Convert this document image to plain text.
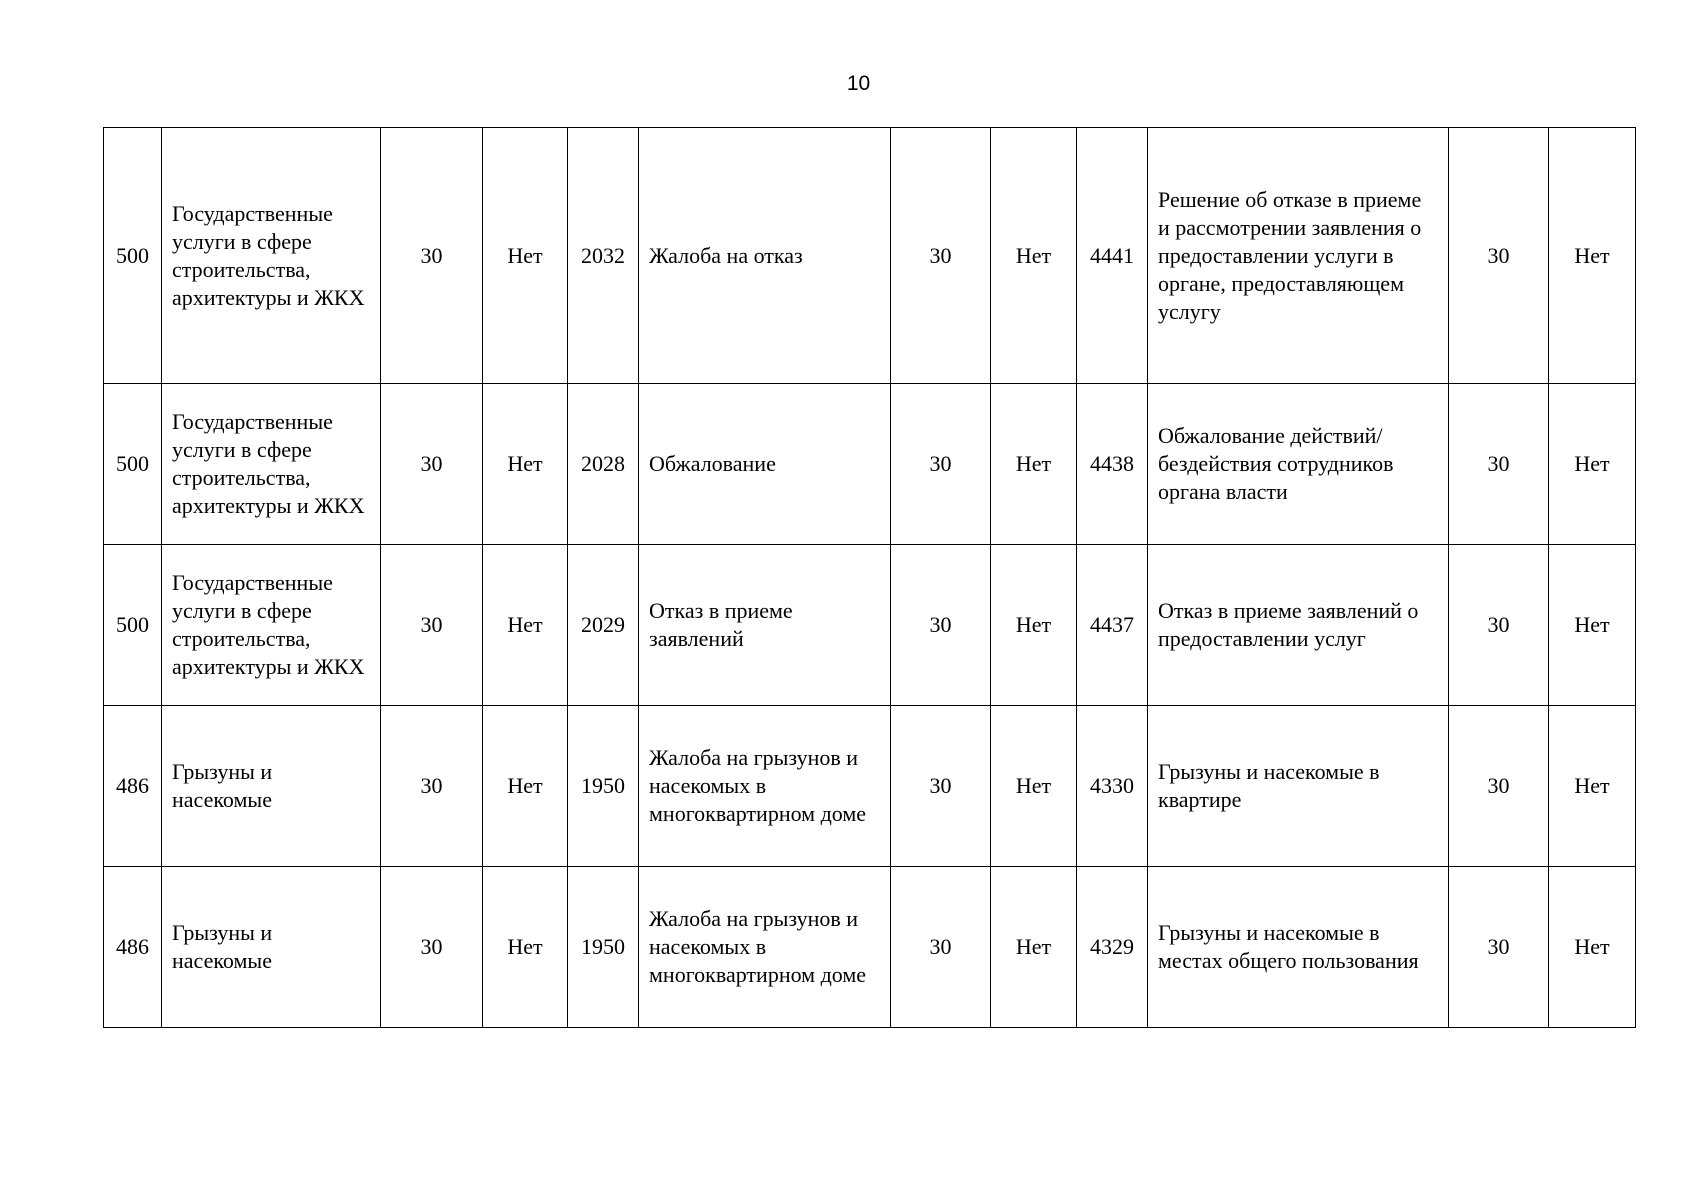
10
500	Государственные услуги в сфере строительства, архитектуры и ЖКХ	30	Нет	2032	Жалоба на отказ	30	Нет	4441	Решение об отказе в приеме и рассмотрении заявления о предоставлении услуги в органе, предоставляющем услугу	30	Нет
500	Государственные услуги в сфере строительства, архитектуры и ЖКХ	30	Нет	2028	Обжалование	30	Нет	4438	Обжалование действий/бездействия сотрудников органа власти	30	Нет
500	Государственные услуги в сфере строительства, архитектуры и ЖКХ	30	Нет	2029	Отказ в приеме заявлений	30	Нет	4437	Отказ в приеме заявлений о предоставлении услуг	30	Нет
486	Грызуны и насекомые	30	Нет	1950	Жалоба на грызунов и насекомых в многоквартирном доме	30	Нет	4330	Грызуны и насекомые в квартире	30	Нет
486	Грызуны и насекомые	30	Нет	1950	Жалоба на грызунов и насекомых в многоквартирном доме	30	Нет	4329	Грызуны и насекомые в местах общего пользования	30	Нет
